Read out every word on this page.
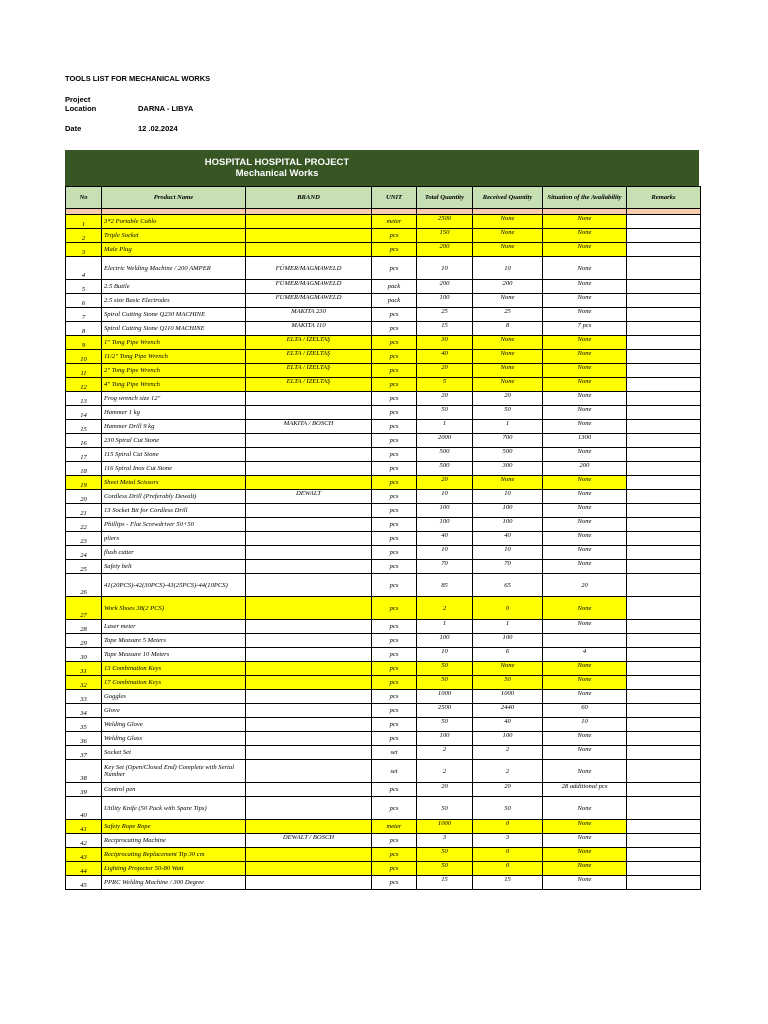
TOOLS LIST FOR MECHANICAL WORKS
Project
Location	DARNA - LIBYA
Date	12 .02.2024
HOSPITAL HOSPITAL PROJECT
Mechanical Works
No	Product Name	BRAND	UNIT	Total Quantity	Received Quantity	Situation of the Availability	Remarks

1	3*2 Portable Cablo		meter	2500	None	None	
2	Triple Socket		pcs	150	None	None	
3	Male Plug		pcs	200	None	None	
4	Electric Welding Machine / 200 AMPER	FÜMER/MAGMAWELD	pcs	10	10	None	
5	2.5 Butile	FÜMER/MAGMAWELD	pack	200	200	None	
6	2.5 size Basic Electrodes	FÜMER/MAGMAWELD	pack	100	None	None	
7	Spiral Cutting Stone Q230 MACHINE	MAKITA 230	pcs	25	25	None	
8	Spiral Cutting Stone Q110 MACHINE	MAKITA 110	pcs	15	8	7 pcs	
9	1" Tong Pipe Wrench	ELTA / İZELTAŞ	pcs	30	None	None	
10	11/2" Tong Pipe Wrench	ELTA / İZELTAŞ	pcs	40	None	None	
11	2" Tong Pipe Wrench	ELTA / İZELTAŞ	pcs	20	None	None	
12	4" Tong Pipe Wrench	ELTA / İZELTAŞ	pcs	5	None	None	
13	Frog wrench size 12"		pcs	20	20	None	
14	Hammer 1 kg		pcs	50	50	None	
15	Hammer Drill 9 kg	MAKITA / BOSCH	pcs	1	1	None	
16	230 Spiral Cut Stone		pcs	2000	700	1300	
17	115 Spiral Cut Stone		pcs	500	500	None	
18	116 Spiral Inox Cut Stone		pcs	500	300	200	
19	Sheet Metal Scissors		pcs	20	None	None	
20	Cordless Drill (Preferably Dewalt)	DEWALT	pcs	10	10	None	
21	13 Socket Bit for Cordless Drill		pcs	100	100	None	
22	Phillips - Flat Screwdriver 50+50		pcs	100	100	None	
23	pliers		pcs	40	40	None	
24	flush cutter		pcs	10	10	None	
25	Safety belt		pcs	70	70	None	
26	41(20PCS)-42(30PCS)-43(25PCS)-44(10PCS)		pcs	85	65	20	
27	Work Shoes 38(2 PCS)		pcs	2	0	None	
28	Laser meter		pcs	1	1	None	
29	Tape Measure 5 Meters		pcs	100	100		
30	Tape Measure 10 Meters		pcs	10	6	4	
31	13 Combination Keys		pcs	50	None	None	
32	17 Combination Keys		pcs	50	50	None	
33	Goggles		pcs	1000	1000	None	
34	Glove		pcs	2500	2440	60	
35	Welding Glove		pcs	50	40	10	
36	Welding Glass		pcs	100	100	None	
37	Socket Set		set	2	2	None	
38	Key Set (Open/Closed End) Complete with Serial Number		set	2	2	None	
39	Control pen		pcs	20	20	28 additional pcs	
40	Utility Knife (50 Pack with Spare Tips)		pcs	50	50	None	
41	Safety Rope Rope		meter	1000	0	None	
42	Reciprocating Machine	DEWALT / BOSCH	pcs	3	3	None	
43	Reciprocating Replacement Tip 30 cm		pcs	50	0	None	
44	Lighting Projector 50-80 Watt		pcs	50	0	None	
45	PPRC Welding Machine / 300 Degree		pcs	15	15	None	
